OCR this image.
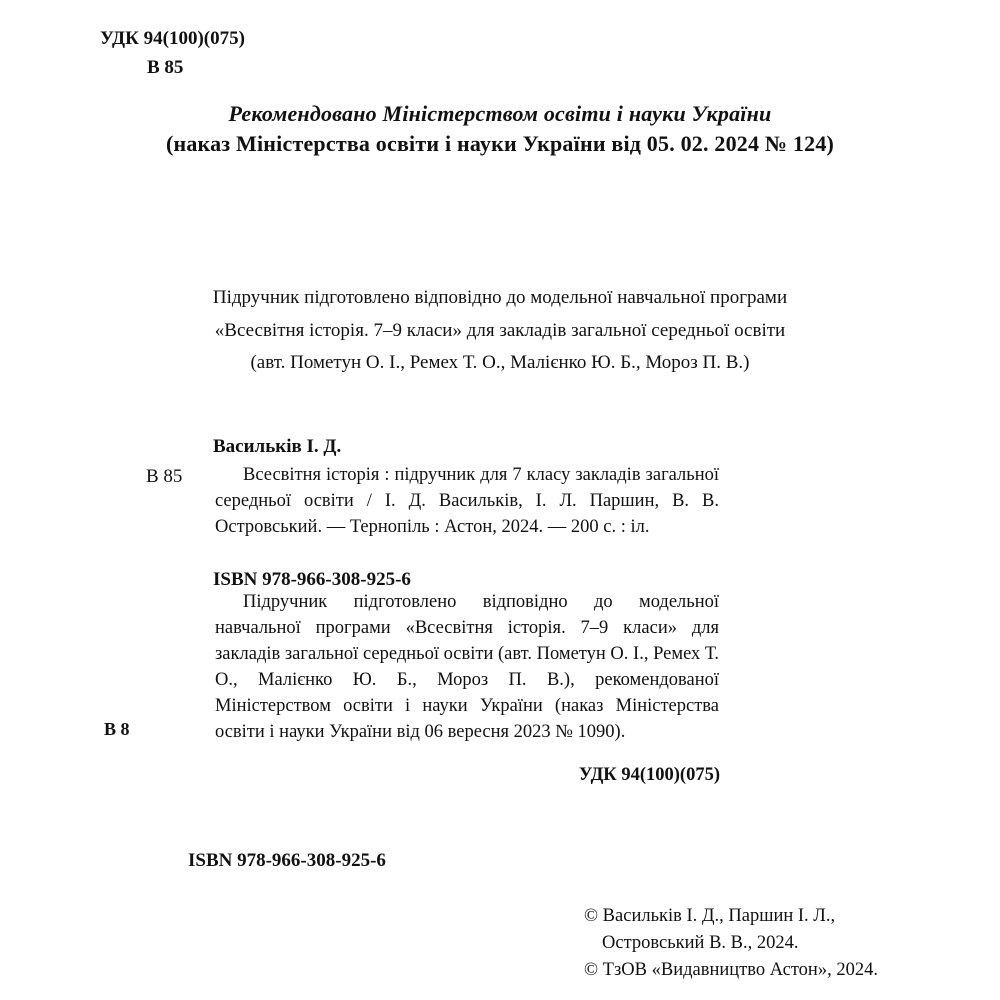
УДК 94(100)(075)
В 85
Рекомендовано Міністерством освіти і науки України
(наказ Міністерства освіти і науки України від 05. 02. 2024 № 124)
Підручник підготовлено відповідно до модельної навчальної програми
«Всесвітня історія. 7–9 класи» для закладів загальної середньої освіти
(авт. Пометун О. І., Ремех Т. О., Малієнко Ю. Б., Мороз П. В.)
Васильків І. Д.
В 85	Всесвітня історія : підручник для 7 класу закладів загальної середньої освіти / І. Д. Васильків, І. Л. Паршин, В. В. Островський. — Тернопіль : Астон, 2024. — 200 с. : іл.

ISBN 978-966-308-925-6

Підручник підготовлено відповідно до модельної навчальної програми «Всесвітня історія. 7–9 класи» для закладів загальної середньої освіти (авт. Пометун О. І., Ремех Т. О., Малієнко Ю. Б., Мороз П. В.), рекомендованої Міністерством освіти і науки України (наказ Міністерства освіти і науки України від 06 вересня 2023 № 1090).

УДК 94(100)(075)
В 8
ISBN 978-966-308-925-6
© Васильків І. Д., Паршин І. Л.,
Островський В. В., 2024.
© ТзОВ «Видавництво Астон», 2024.
